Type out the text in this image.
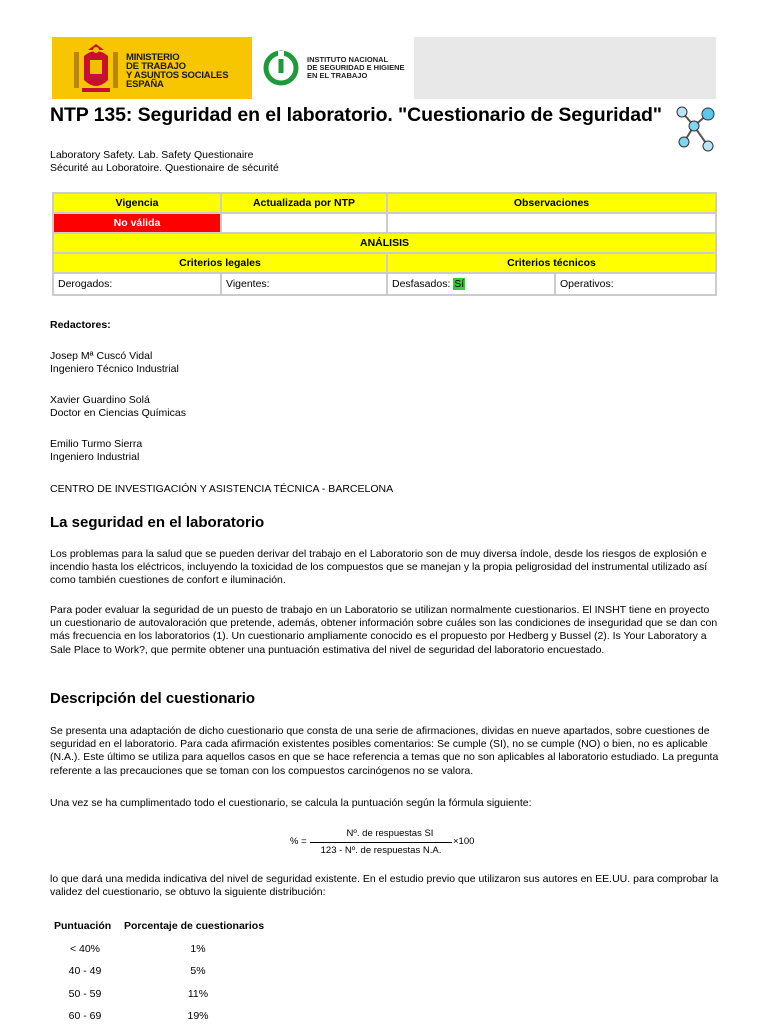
MINISTERIO
DE TRABAJO
Y ASUNTOS SOCIALES
ESPAÑA
INSTITUTO NACIONAL
DE SEGURIDAD E HIGIENE
EN EL TRABAJO
NTP 135: Seguridad en el laboratorio. "Cuestionario de Seguridad"
Laboratory Safety. Lab. Safety Questionaire
Sécurité au Loboratoire. Questionaire de sécurité
Vigencia	Actualizada por NTP	Observaciones	
No válida			
ANÁLISIS			
Criterios legales		Criterios técnicos	
Derogados:	Vigentes:	Desfasados: Sí	Operativos:
Redactores:
Josep Mª Cuscó Vidal
Ingeniero Técnico Industrial
Xavier Guardino Solá
Doctor en Ciencias Químicas
Emilio Turmo Sierra
Ingeniero Industrial
CENTRO DE INVESTIGACIÓN Y ASISTENCIA TÉCNICA - BARCELONA
La seguridad en el laboratorio
Los problemas para la salud que se pueden derivar del trabajo en el Laboratorio son de muy diversa índole, desde los riesgos de explosión e incendio hasta los eléctricos, incluyendo la toxicidad de los compuestos que se manejan y la propia peligrosidad del instrumental utilizado así como también cuestiones de confort e iluminación.
Para poder evaluar la seguridad de un puesto de trabajo en un Laboratorio se utilizan normalmente cuestionarios. El INSHT tiene en proyecto un cuestionario de autovaloración que pretende, además, obtener información sobre cuáles son las condiciones de inseguridad que se dan con más frecuencia en los laboratorios (1). Un cuestionario ampliamente conocido es el propuesto por Hedberg y Bussel (2). Is Your Laboratory a Sale Place to Work?, que permite obtener una puntuación estimativa del nivel de seguridad del laboratorio encuestado.
Descripción del cuestionario
Se presenta una adaptación de dicho cuestionario que consta de una serie de afirmaciones, dividas en nueve apartados, sobre cuestiones de seguridad en el laboratorio. Para cada afirmación existentes posibles comentarios: Se cumple (SI), no se cumple (NO) o bien, no es aplicable (N.A.). Este último se utiliza para aquellos casos en que se hace referencia a temas que no son aplicables al laboratorio estudiado. La pregunta referente a las precauciones que se toman con los compuestos carcinógenos no se valora.
Una vez se ha cumplimentado todo el cuestionario, se calcula la puntuación según la fórmula siguiente:
% =
Nº. de respuestas SI
123 - Nº. de respuestas N.A.
×100
lo que dará una medida indicativa del nivel de seguridad existente. En el estudio previo que utilizaron sus autores en EE.UU. para comprobar la validez del cuestionario, se obtuvo la siguiente distribución:
Puntuación	Porcentaje de cuestionarios
< 40%	1%
40 - 49	5%
50 - 59	11%
60 - 69	19%
